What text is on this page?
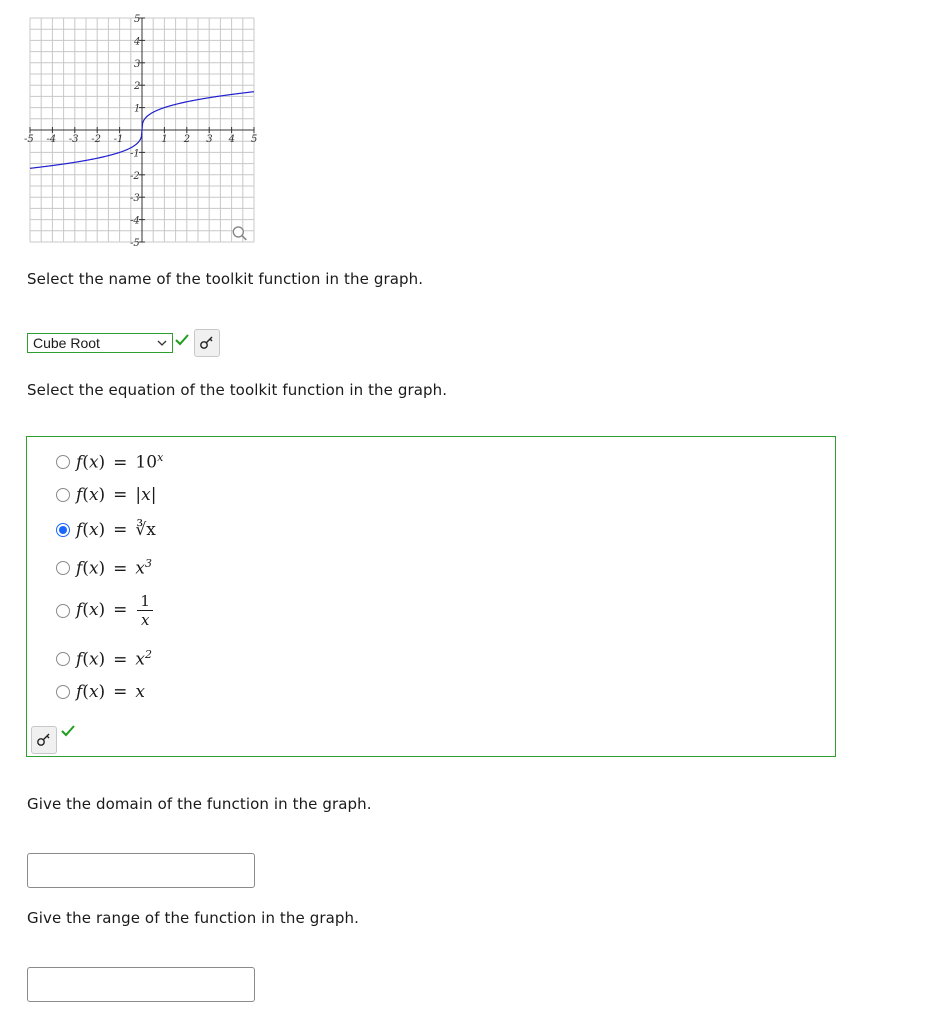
-5 -4 -3 -2 -1	1 2 3 4 5
5
4
3
2
1
-1
-2
-3
-4
-5
Select the name of the toolkit function in the graph.
Cube Root
Select the equation of the toolkit function in the graph.
$f(x) = 10^x$
f(x) = |x|
f(x) = ∛x
$f(x) = x^3$
$f(x) = \frac{1}{x}$
$f(x) = x^2$
f(x) = x
Give the domain of the function in the graph.
Give the range of the function in the graph.
